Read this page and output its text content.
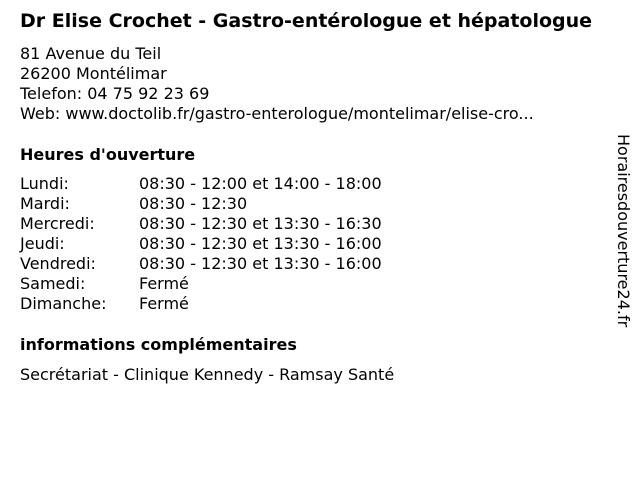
Dr Elise Crochet - Gastro-entérologue et hépatologue
81 Avenue du Teil
26200 Montélimar
Telefon: 04 75 92 23 69
Web: www.doctolib.fr/gastro-enterologue/montelimar/elise-cro...
Heures d'ouverture
Lundi:	08:30 - 12:00 et 14:00 - 18:00
Mardi:	08:30 - 12:30
Mercredi:	08:30 - 12:30 et 13:30 - 16:30
Jeudi:	08:30 - 12:30 et 13:30 - 16:00
Vendredi:	08:30 - 12:30 et 13:30 - 16:00
Samedi:	Fermé
Dimanche: Fermé
informations complémentaires
Secrétariat - Clinique Kennedy - Ramsay Santé
Horairesdouverture24.fr
